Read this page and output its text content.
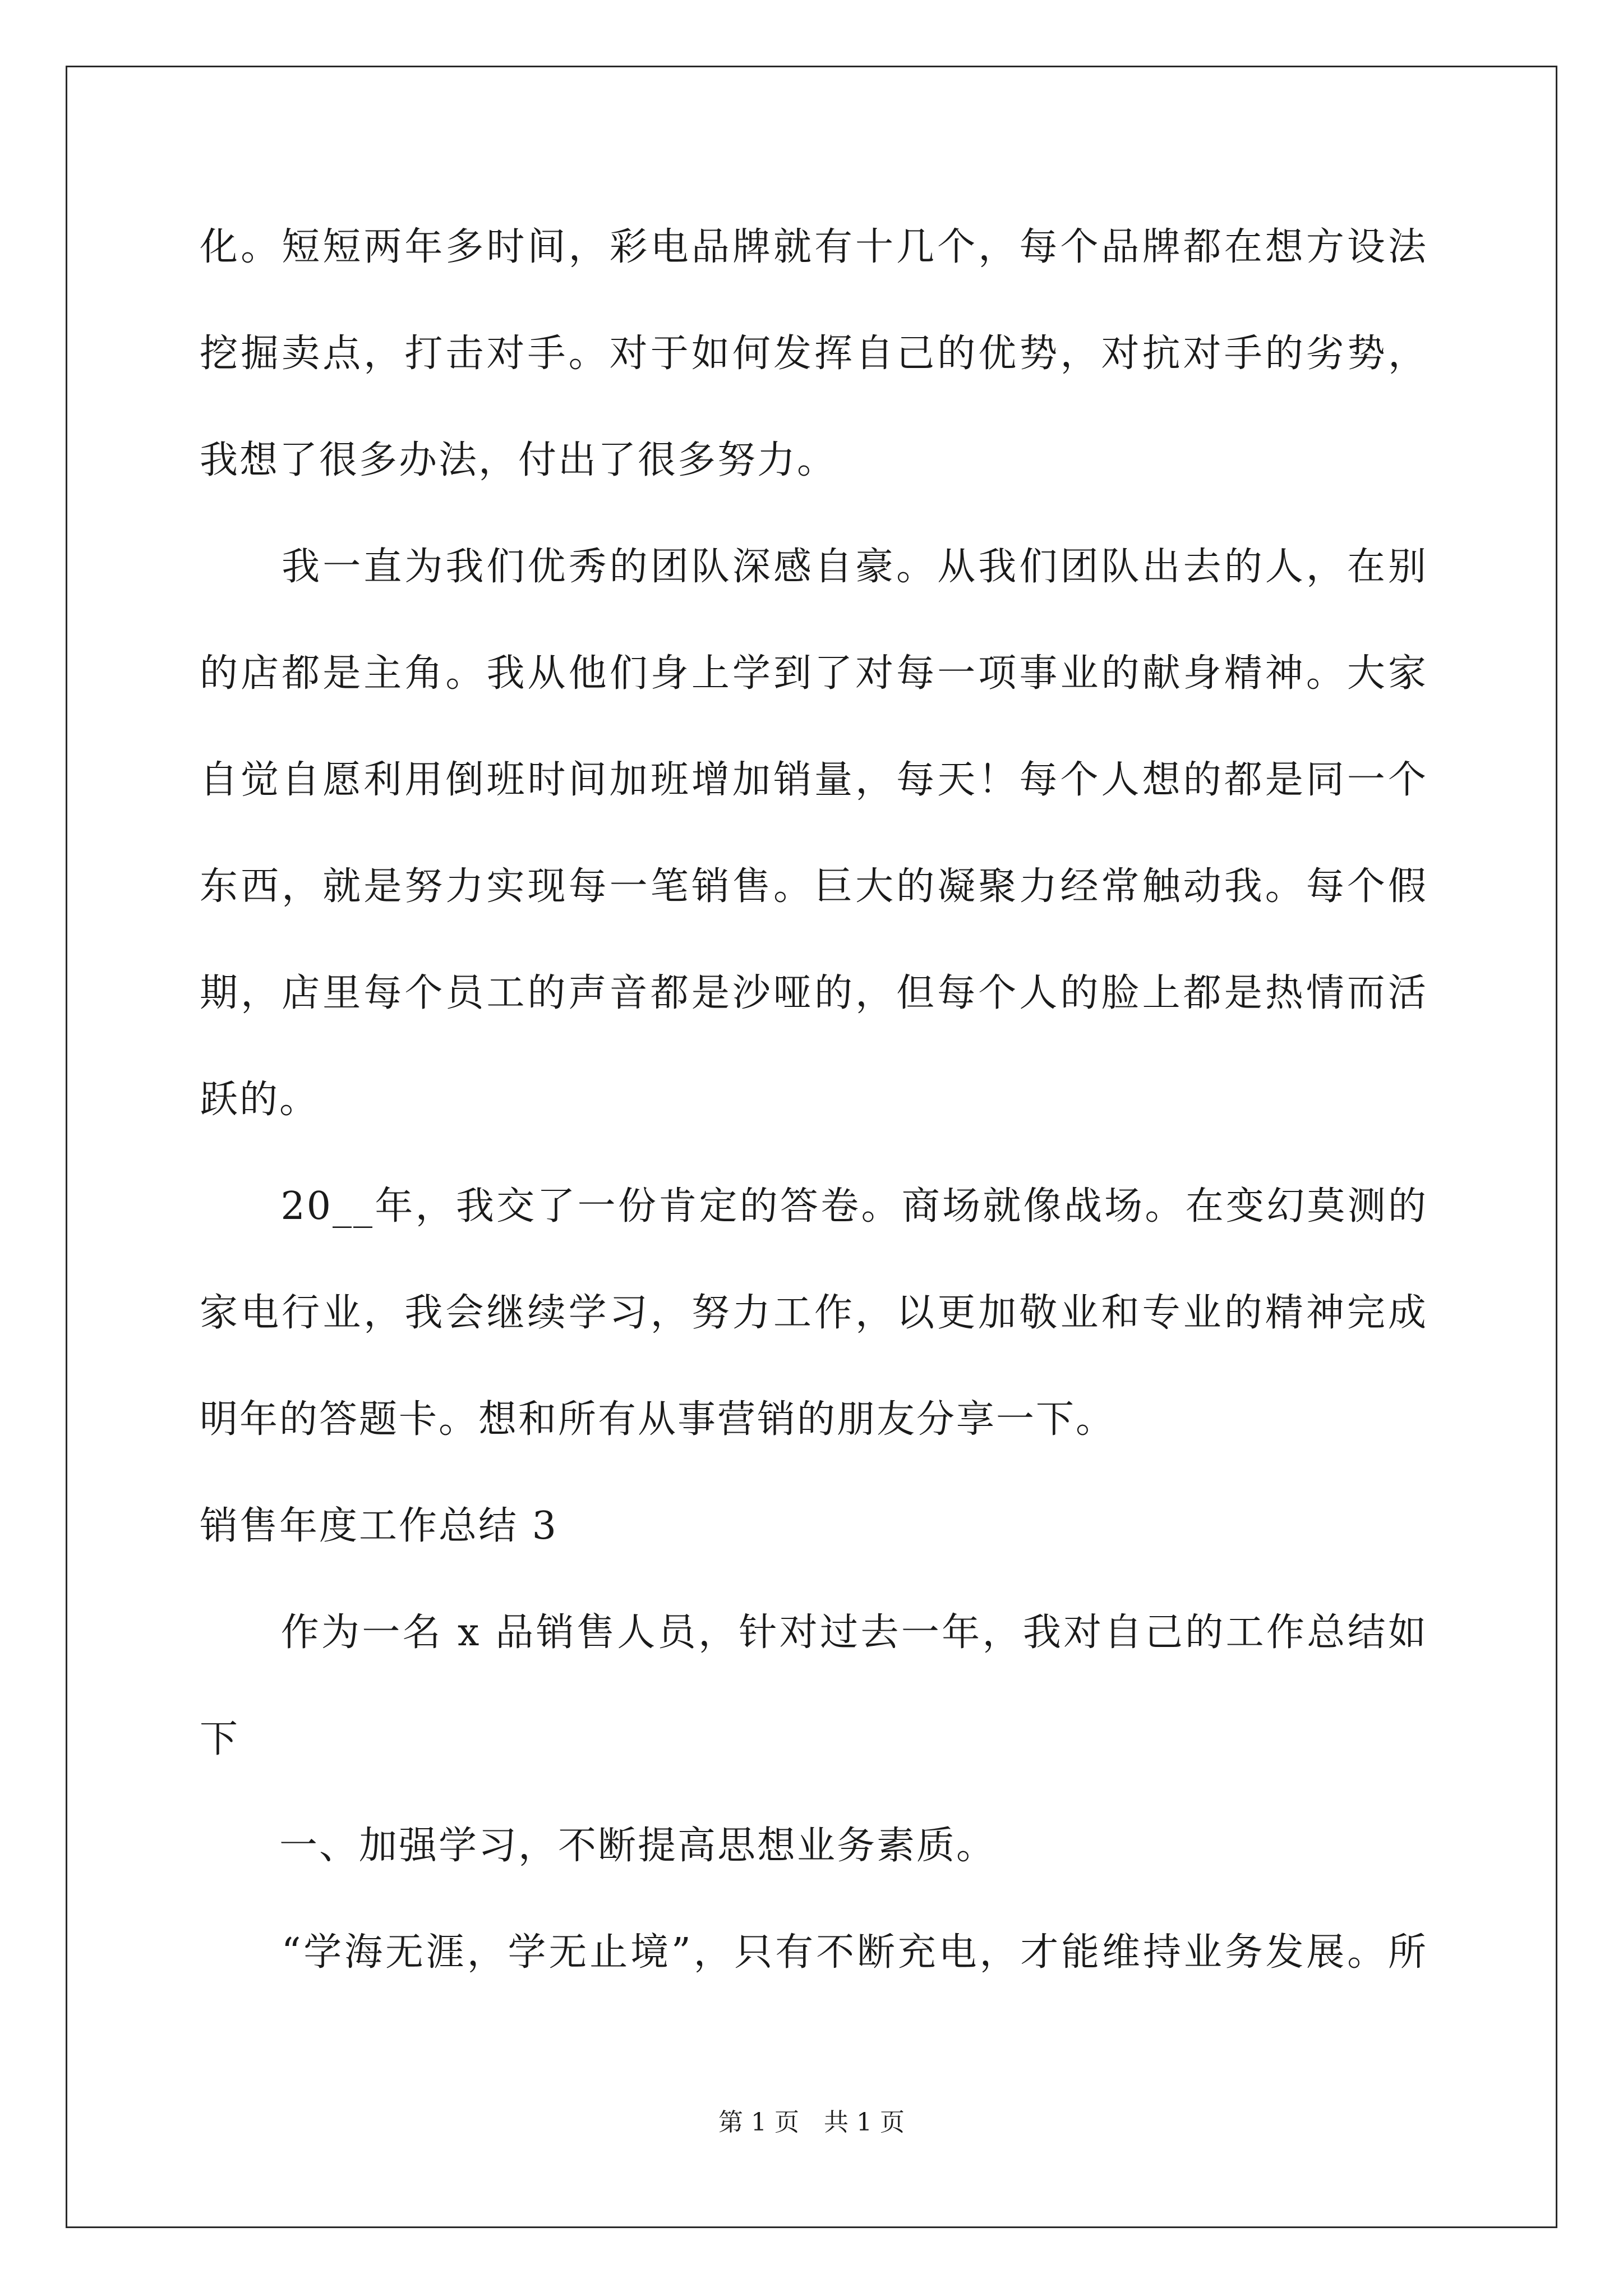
化。短短两年多时间，彩电品牌就有十几个，每个品牌都在想方设法
挖掘卖点，打击对手。对于如何发挥自己的优势，对抗对手的劣势，
我想了很多办法，付出了很多努力。
　　我一直为我们优秀的团队深感自豪。从我们团队出去的人，在别
的店都是主角。我从他们身上学到了对每一项事业的献身精神。大家
自觉自愿利用倒班时间加班增加销量，每天！每个人想的都是同一个
东西，就是努力实现每一笔销售。巨大的凝聚力经常触动我。每个假
期，店里每个员工的声音都是沙哑的，但每个人的脸上都是热情而活
跃的。
　　20__年，我交了一份肯定的答卷。商场就像战场。在变幻莫测的
家电行业，我会继续学习，努力工作，以更加敬业和专业的精神完成
明年的答题卡。想和所有从事营销的朋友分享一下。
销售年度工作总结 3
　　作为一名 x 品销售人员，针对过去一年，我对自己的工作总结如
下
　　一、加强学习，不断提高思想业务素质。
　　“学海无涯，学无止境”，只有不断充电，才能维持业务发展。所
第 1 页　共 1 页
